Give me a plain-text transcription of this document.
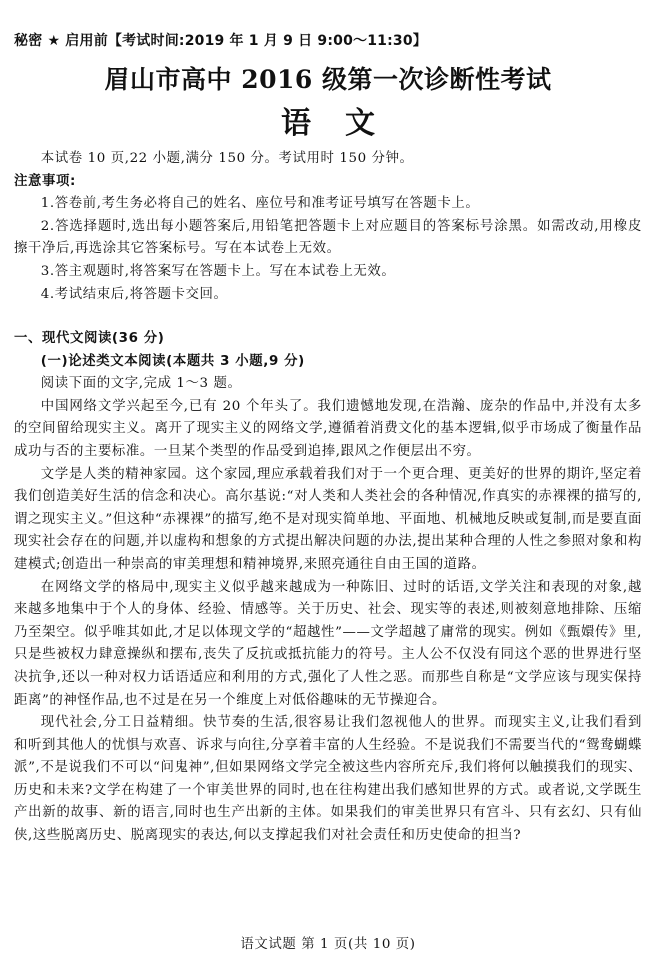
秘密 ★ 启用前【考试时间:2019 年 1 月 9 日 9:00～11:30】
眉山市高中 2016 级第一次诊断性考试
语文

本试卷 10 页,22 小题,满分 150 分。考试用时 150 分钟。

注意事项:

1.答卷前,考生务必将自己的姓名、座位号和准考证号填写在答题卡上。

2.答选择题时,选出每小题答案后,用铅笔把答题卡上对应题目的答案标号涂黑。如需改动,用橡皮擦干净后,再选涂其它答案标号。写在本试卷上无效。

3.答主观题时,将答案写在答题卡上。写在本试卷上无效。

4.考试结束后,将答题卡交回。

一、现代文阅读(36 分)

(一)论述类文本阅读(本题共 3 小题,9 分)

阅读下面的文字,完成 1～3 题。

中国网络文学兴起至今,已有 20 个年头了。我们遗憾地发现,在浩瀚、庞杂的作品中,并没有太多的空间留给现实主义。离开了现实主义的网络文学,遵循着消费文化的基本逻辑,似乎市场成了衡量作品成功与否的主要标准。一旦某个类型的作品受到追捧,跟风之作便层出不穷。

文学是人类的精神家园。这个家园,理应承载着我们对于一个更合理、更美好的世界的期许,坚定着我们创造美好生活的信念和决心。高尔基说:“对人类和人类社会的各种情况,作真实的赤裸裸的描写的,谓之现实主义。”但这种“赤裸裸”的描写,绝不是对现实简单地、平面地、机械地反映或复制,而是要直面现实社会存在的问题,并以虚构和想象的方式提出解决问题的办法,提出某种合理的人性之参照对象和构建模式;创造出一种崇高的审美理想和精神境界,来照亮通往自由王国的道路。

在网络文学的格局中,现实主义似乎越来越成为一种陈旧、过时的话语,文学关注和表现的对象,越来越多地集中于个人的身体、经验、情感等。关于历史、社会、现实等的表述,则被刻意地排除、压缩乃至架空。似乎唯其如此,才足以体现文学的“超越性”——文学超越了庸常的现实。例如《甄嬛传》里,只是些被权力肆意操纵和摆布,丧失了反抗或抵抗能力的符号。主人公不仅没有同这个恶的世界进行坚决抗争,还以一种对权力话语适应和利用的方式,强化了人性之恶。而那些自称是“文学应该与现实保持距离”的神怪作品,也不过是在另一个维度上对低俗趣味的无节操迎合。

现代社会,分工日益精细。快节奏的生活,很容易让我们忽视他人的世界。而现实主义,让我们看到和听到其他人的忧惧与欢喜、诉求与向往,分享着丰富的人生经验。不是说我们不需要当代的“鸳鸯蝴蝶派”,不是说我们不可以“问鬼神”,但如果网络文学完全被这些内容所充斥,我们将何以触摸我们的现实、历史和未来?文学在构建了一个审美世界的同时,也在往构建出我们感知世界的方式。或者说,文学既生产出新的故事、新的语言,同时也生产出新的主体。如果我们的审美世界只有宫斗、只有玄幻、只有仙侠,这些脱离历史、脱离现实的表达,何以支撑起我们对社会责任和历史使命的担当?

语文试题 第 1 页(共 10 页)
